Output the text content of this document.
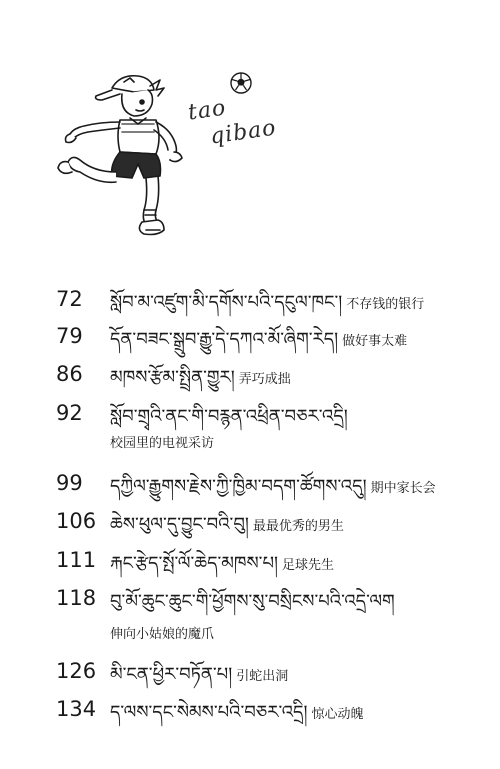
tao
qibao
72	སློབ་མ་འཛུག་མི་དགོས་པའི་དངུལ་ཁང་། 不存钱的银行
79	དོན་བཟང་སྒྲུབ་རྒྱུ་དེ་དཀའ་མོ་ཞིག་རེད། 做好事太难
86	མཁས་རྩོམ་སྤྲིན་གྱུར། 弄巧成拙
92	སློབ་གྲྭའི་ནང་གི་བརྙན་འཕྲིན་བཅར་འདྲི།
校园里的电视采访
99	དཀྱིལ་རྒྱུགས་རྗེས་ཀྱི་ཁྱིམ་བདག་ཚོགས་འདུ། 期中家长会
106 ཆེས་ཕུལ་དུ་བྱུང་བའི་བུ། 最最优秀的男生
111 རྐང་རྩེད་སྤོ་ལོ་ཆེད་མཁས་པ། 足球先生
118 བུ་མོ་ཆུང་ཆུང་གི་ཕྱོགས་སུ་བསྲིངས་པའི་འདྲེ་ལག
伸向小姑娘的魔爪
126 མི་ངན་ཕྱིར་བཏོན་པ། 引蛇出洞
134 ད་ལས་དང་སེམས་པའི་བཅར་འདྲི། 惊心动魄
